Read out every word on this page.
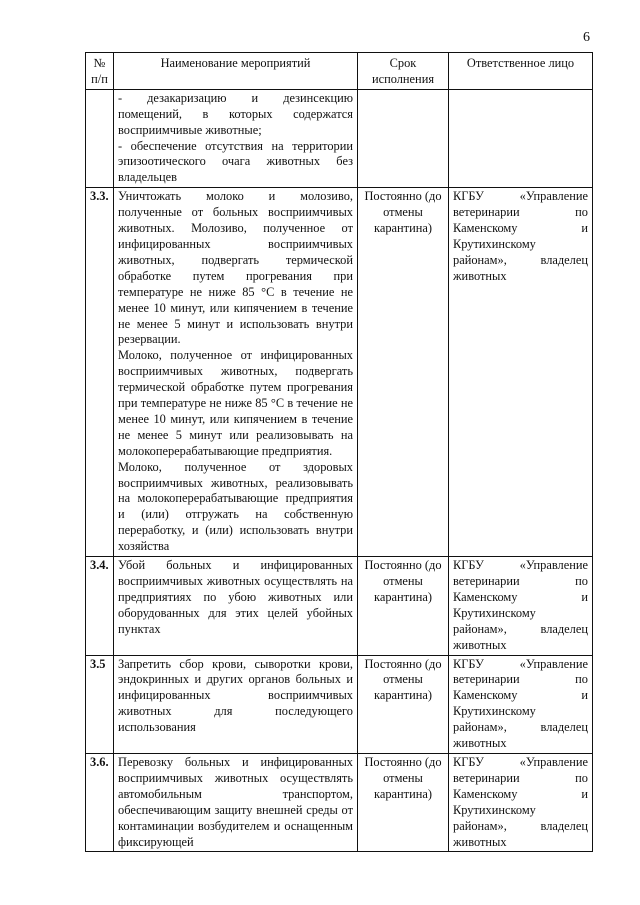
6
№ п/п	Наименование мероприятий	Срок исполнения	Ответственное лицо

	- дезакаризацию и дезинсекцию помещений, в которых содержатся восприимчивые животные;
- обеспечение отсутствия на территории эпизоотического очага животных без владельцев		

3.3.	Уничтожать молоко и молозиво, полученные от больных восприимчивых животных. Молозиво, полученное от инфицированных восприимчивых животных, подвергать термической обработке путем прогревания при температуре не ниже 85 °С в течение не менее 10 минут, или кипячением в течение не менее 5 минут и использовать внутри резервации.
Молоко, полученное от инфицированных восприимчивых животных, подвергать термической обработке путем прогревания при температуре не ниже 85 °С в течение не менее 10 минут, или кипячением в течение не менее 5 минут или реализовывать на молокоперерабатывающие предприятия.
Молоко, полученное от здоровых восприимчивых животных, реализовывать на молокоперерабатывающие предприятия и (или) отгружать на собственную переработку, и (или) использовать внутри хозяйства	Постоянно (до отмены карантина)	КГБУ «Управление ветеринарии по Каменскому и Крутихинскому районам», владелец животных
3.4.	Убой больных и инфицированных восприимчивых животных осуществлять на предприятиях по убою животных или оборудованных для этих целей убойных пунктах	Постоянно (до отмены карантина)	КГБУ «Управление ветеринарии по Каменскому и Крутихинскому районам», владелец животных
3.5	Запретить сбор крови, сыворотки крови, эндокринных и других органов больных и инфицированных восприимчивых животных для последующего использования	Постоянно (до отмены карантина)	КГБУ «Управление ветеринарии по Каменскому и Крутихинскому районам», владелец животных
3.6.	Перевозку больных и инфицированных восприимчивых животных осуществлять автомобильным транспортом, обеспечивающим защиту внешней среды от контаминации возбудителем и оснащенным фиксирующей	Постоянно (до отмены карантина)	КГБУ «Управление ветеринарии по Каменскому и Крутихинскому районам», владелец животных
